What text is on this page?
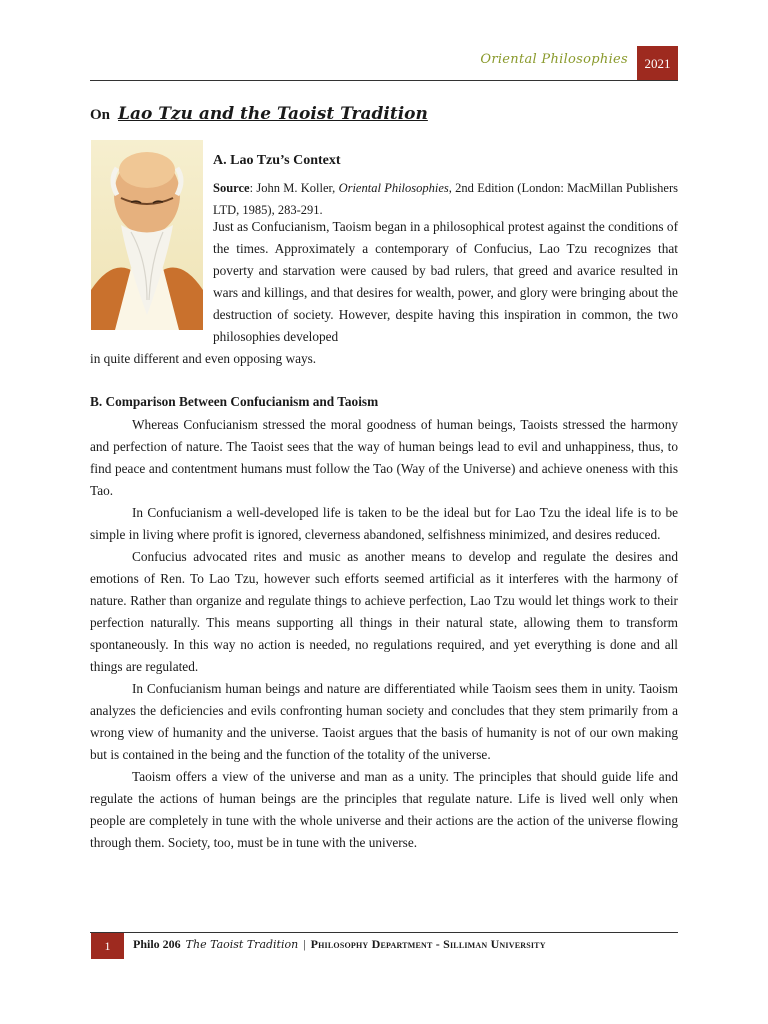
Oriental Philosophies	2021
On Lao Tzu and the Taoist Tradition
A. Lao Tzu’s Context
Source: John M. Koller, Oriental Philosophies, 2nd Edition (London: MacMillan Publishers LTD, 1985), 283-291.
Just as Confucianism, Taoism began in a philosophical protest against the conditions of the times. Approximately a contemporary of Confucius, Lao Tzu recognizes that poverty and starvation were caused by bad rulers, that greed and avarice resulted in wars and killings, and that desires for wealth, power, and glory were bringing about the destruction of society. However, despite having this inspiration in common, the two philosophies developed
in quite different and even opposing ways.
B. Comparison Between Confucianism and Taoism

Whereas Confucianism stressed the moral goodness of human beings, Taoists stressed the harmony and perfection of nature. The Taoist sees that the way of human beings lead to evil and unhappiness, thus, to find peace and contentment humans must follow the Tao (Way of the Universe) and achieve oneness with this Tao.

In Confucianism a well-developed life is taken to be the ideal but for Lao Tzu the ideal life is to be simple in living where profit is ignored, cleverness abandoned, selfishness minimized, and desires reduced.

Confucius advocated rites and music as another means to develop and regulate the desires and emotions of Ren. To Lao Tzu, however such efforts seemed artificial as it interferes with the harmony of nature. Rather than organize and regulate things to achieve perfection, Lao Tzu would let things work to their perfection naturally. This means supporting all things in their natural state, allowing them to transform spontaneously. In this way no action is needed, no regulations required, and yet everything is done and all things are regulated.

In Confucianism human beings and nature are differentiated while Taoism sees them in unity. Taoism analyzes the deficiencies and evils confronting human society and concludes that they stem primarily from a wrong view of humanity and the universe. Taoist argues that the basis of humanity is not of our own making but is contained in the being and the function of the totality of the universe.

Taoism offers a view of the universe and man as a unity. The principles that should guide life and regulate the actions of human beings are the principles that regulate nature. Life is lived well only when people are completely in tune with the whole universe and their actions are the action of the universe flowing through them. Society, too, must be in tune with the universe.

1	Philo 206 The Taoist Tradition | Philosophy Department - Silliman University
